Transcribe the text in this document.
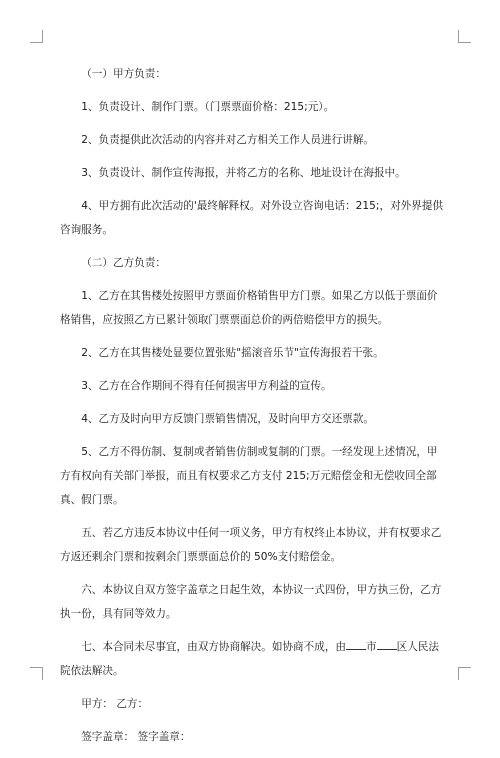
（一）甲方负责：

1、负责设计、制作门票。（门票票面价格：215;元）。

2、负责提供此次活动的内容并对乙方相关工作人员进行讲解。

3、负责设计、制作宣传海报，并将乙方的名称、地址设计在海报中。

4、甲方拥有此次活动的'最终解释权。对外设立咨询电话：215;，对外界提供咨询服务。

（二）乙方负责：

1、乙方在其售楼处按照甲方票面价格销售甲方门票。如果乙方以低于票面价格销售，应按照乙方已累计领取门票票面总价的两倍赔偿甲方的损失。

2、乙方在其售楼处显要位置张贴"摇滚音乐节"宣传海报若干张。

3、乙方在合作期间不得有任何损害甲方利益的宣传。

4、乙方及时向甲方反馈门票销售情况，及时向甲方交还票款。

5、乙方不得仿制、复制或者销售仿制或复制的门票。一经发现上述情况，甲方有权向有关部门举报，而且有权要求乙方支付 215;万元赔偿金和无偿收回全部真、假门票。

五、若乙方违反本协议中任何一项义务，甲方有权终止本协议，并有权要求乙方返还剩余门票和按剩余门票票面总价的 50%支付赔偿金。

六、本协议自双方签字盖章之日起生效，本协议一式四份，甲方执三份，乙方执一份，具有同等效力。

七、本合同未尽事宜，由双方协商解决。如协商不成，由 市 区人民法院依法解决。

甲方： 乙方：

签字盖章： 签字盖章：
